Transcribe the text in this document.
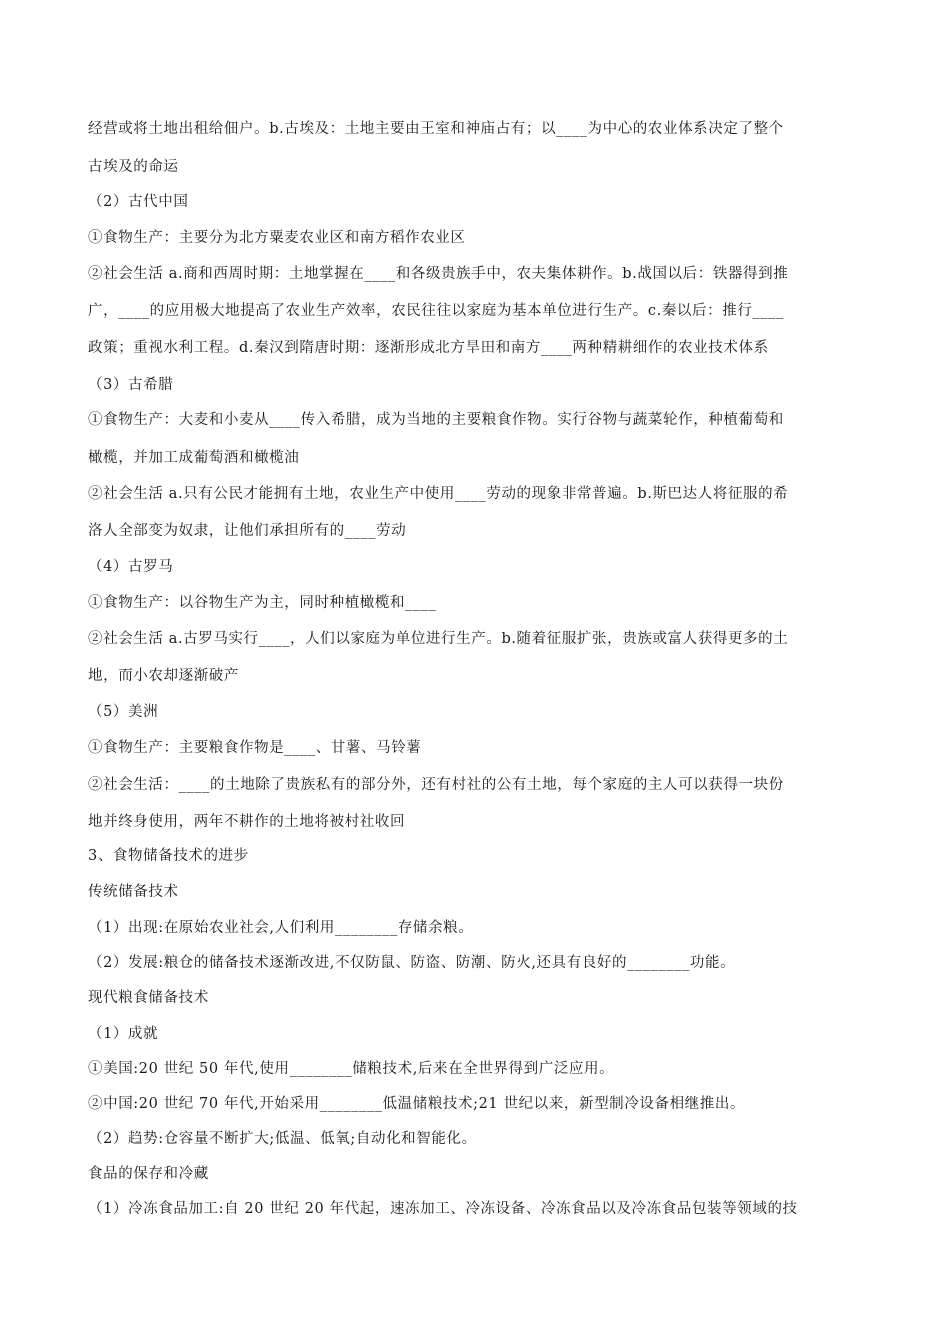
经营或将土地出租给佃户。b.古埃及：土地主要由王室和神庙占有；以____为中心的农业体系决定了整个
古埃及的命运
（2）古代中国
①食物生产：主要分为北方粟麦农业区和南方稻作农业区
②社会生活 a.商和西周时期：土地掌握在____和各级贵族手中，农夫集体耕作。b.战国以后：铁器得到推
广，____的应用极大地提高了农业生产效率，农民往往以家庭为基本单位进行生产。c.秦以后：推行____
政策；重视水利工程。d.秦汉到隋唐时期：逐渐形成北方旱田和南方____两种精耕细作的农业技术体系
（3）古希腊
①食物生产：大麦和小麦从____传入希腊，成为当地的主要粮食作物。实行谷物与蔬菜轮作，种植葡萄和
橄榄，并加工成葡萄酒和橄榄油
②社会生活 a.只有公民才能拥有土地，农业生产中使用____劳动的现象非常普遍。b.斯巴达人将征服的希
洛人全部变为奴隶，让他们承担所有的____劳动
（4）古罗马
①食物生产：以谷物生产为主，同时种植橄榄和____
②社会生活 a.古罗马实行____，人们以家庭为单位进行生产。b.随着征服扩张，贵族或富人获得更多的土
地，而小农却逐渐破产
（5）美洲
①食物生产：主要粮食作物是____、甘薯、马铃薯
②社会生活：____的土地除了贵族私有的部分外，还有村社的公有土地，每个家庭的主人可以获得一块份
地并终身使用，两年不耕作的土地将被村社收回
3、食物储备技术的进步
传统储备技术
（1）出现:在原始农业社会,人们利用________存储余粮。
（2）发展:粮仓的储备技术逐渐改进,不仅防鼠、防盗、防潮、防火,还具有良好的________功能。
现代粮食储备技术
（1）成就
①美国:20 世纪 50 年代,使用________储粮技术,后来在全世界得到广泛应用。
②中国:20 世纪 70 年代,开始采用________低温储粮技术;21 世纪以来，新型制冷设备相继推出。
（2）趋势:仓容量不断扩大;低温、低氧;自动化和智能化。
食品的保存和冷藏
（1）冷冻食品加工:自 20 世纪 20 年代起，速冻加工、冷冻设备、冷冻食品以及冷冻食品包装等领域的技
